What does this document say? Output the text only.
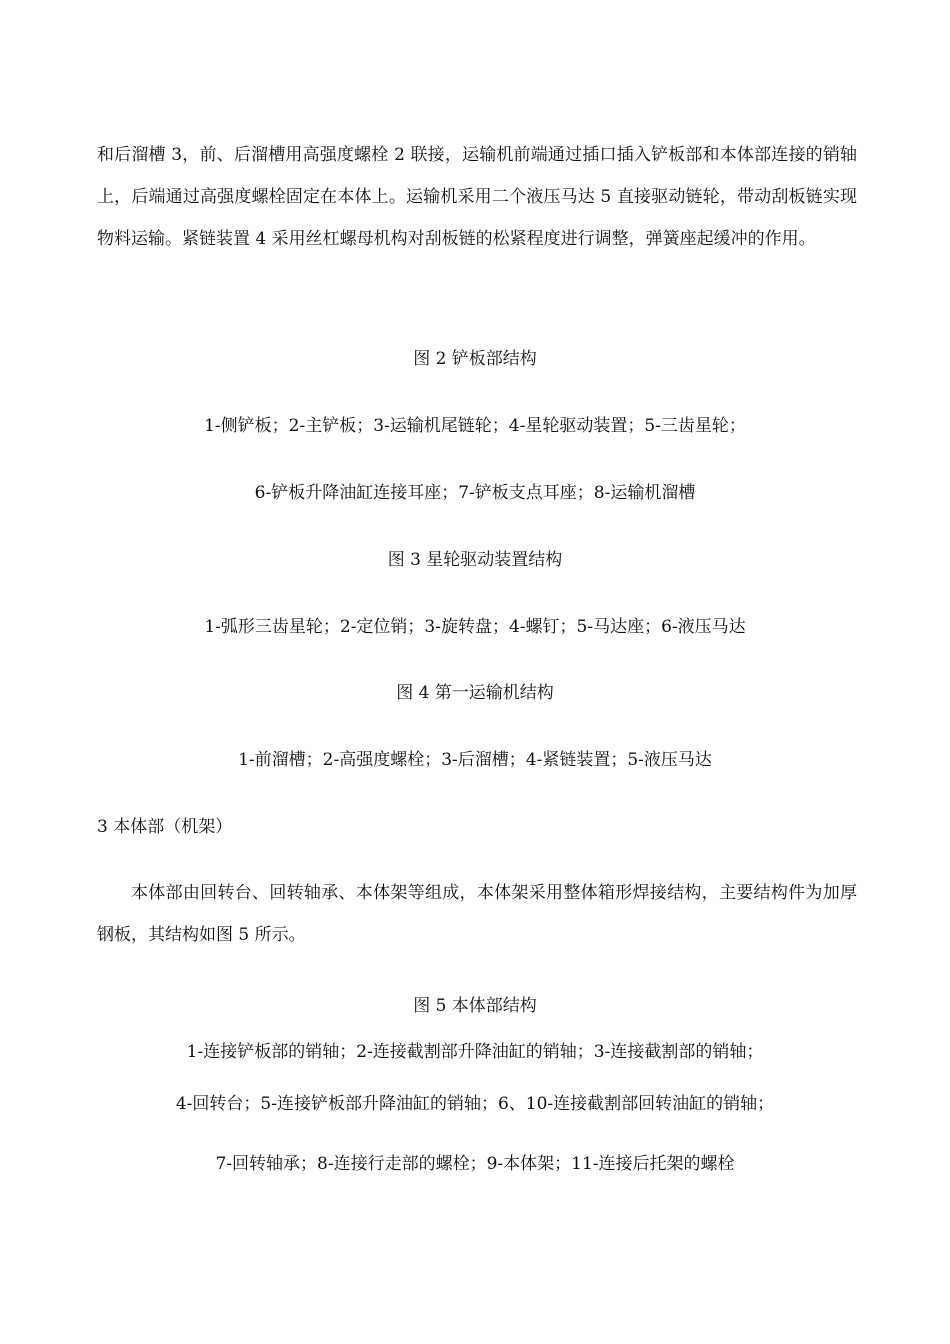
和后溜槽 3，前、后溜槽用高强度螺栓 2 联接，运输机前端通过插口插入铲板部和本体部连接的销轴上，后端通过高强度螺栓固定在本体上。运输机采用二个液压马达 5 直接驱动链轮，带动刮板链实现物料运输。紧链装置 4 采用丝杠螺母机构对刮板链的松紧程度进行调整，弹簧座起缓冲的作用。

图 2 铲板部结构

1-侧铲板；2-主铲板；3-运输机尾链轮；4-星轮驱动装置；5-三齿星轮；

6-铲板升降油缸连接耳座；7-铲板支点耳座；8-运输机溜槽

图 3 星轮驱动装置结构

1-弧形三齿星轮；2-定位销；3-旋转盘；4-螺钉；5-马达座；6-液压马达

图 4 第一运输机结构

1-前溜槽；2-高强度螺栓；3-后溜槽；4-紧链装置；5-液压马达

3 本体部（机架）

本体部由回转台、回转轴承、本体架等组成，本体架采用整体箱形焊接结构，主要结构件为加厚钢板，其结构如图 5 所示。

图 5 本体部结构

1-连接铲板部的销轴；2-连接截割部升降油缸的销轴；3-连接截割部的销轴；

4-回转台；5-连接铲板部升降油缸的销轴；6、10-连接截割部回转油缸的销轴；

7-回转轴承；8-连接行走部的螺栓；9-本体架；11-连接后托架的螺栓
